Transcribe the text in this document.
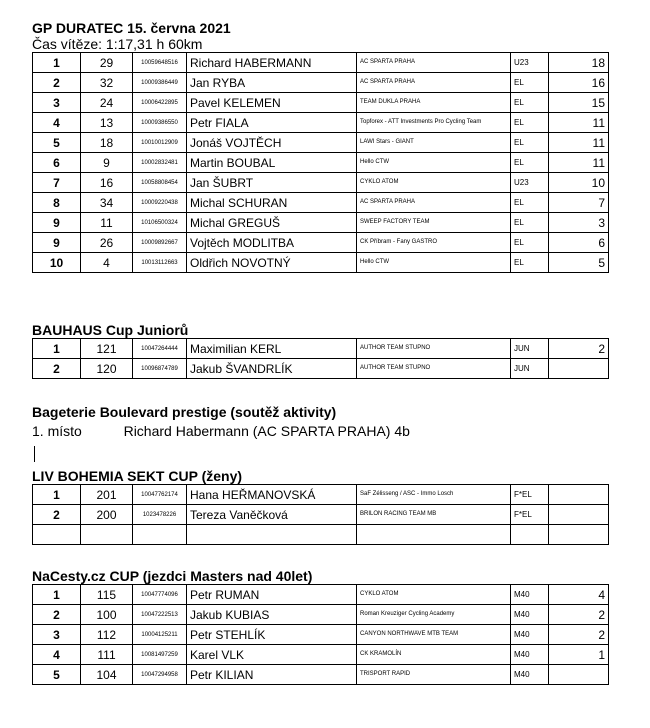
GP DURATEC 15. června 2021
Čas vítěze: 1:17,31 h 60km
1	29	10059648516	Richard HABERMANN	AC SPARTA PRAHA	U23	18
2	32	10009386449	Jan RYBA	AC SPARTA PRAHA	EL	16
3	24	10006422895	Pavel KELEMEN	TEAM DUKLA PRAHA	EL	15
4	13	10009386550	Petr FIALA	Topforex - ATT Investments Pro Cycling Team	EL	11
5	18	10010012909	Jonáš VOJTĚCH	LAWI Stars - GIANT	EL	11
6	9	10002832481	Martin BOUBAL	Hello CTW	EL	11
7	16	10058808454	Jan ŠUBRT	CYKLO ATOM	U23	10
8	34	10009220438	Michal SCHURAN	AC SPARTA PRAHA	EL	7
9	11	10106500324	Michal GREGUŠ	SWEEP FACTORY TEAM	EL	3
9	26	10009892667	Vojtěch MODLITBA	CK Příbram - Fany GASTRO	EL	6
10	4	10013112663	Oldřich NOVOTNÝ	Hello CTW	EL	5
BAUHAUS Cup Juniorů
1	121	10047264444	Maximilian KERL	AUTHOR TEAM STUPNO	JUN	2
2	120	10096874789	Jakub ŠVANDRLÍK	AUTHOR TEAM STUPNO	JUN	
Bageterie Boulevard prestige (soutěž aktivity)
1. místo	Richard Habermann (AC SPARTA PRAHA) 4b
LIV BOHEMIA SEKT CUP (ženy)
1	201	10047762174	Hana HEŘMANOVSKÁ	SaF Zélisseng / ASC - Immo Losch	F*EL	
2	200	1023478226	Tereza Vaněčková	BRILON RACING TEAM MB	F*EL	

NaCesty.cz CUP (jezdci Masters nad 40let)
1	115	10047774096	Petr RUMAN	CYKLO ATOM	M40	4
2	100	10047222513	Jakub KUBIAS	Roman Kreuziger Cycling Academy	M40	2
3	112	10004125211	Petr STEHLÍK	CANYON NORTHWAVE MTB TEAM	M40	2
4	111	10081497259	Karel VLK	CK KRAMOLÍN	M40	1
5	104	10047294958	Petr KILIAN	TRISPORT RAPID	M40	
